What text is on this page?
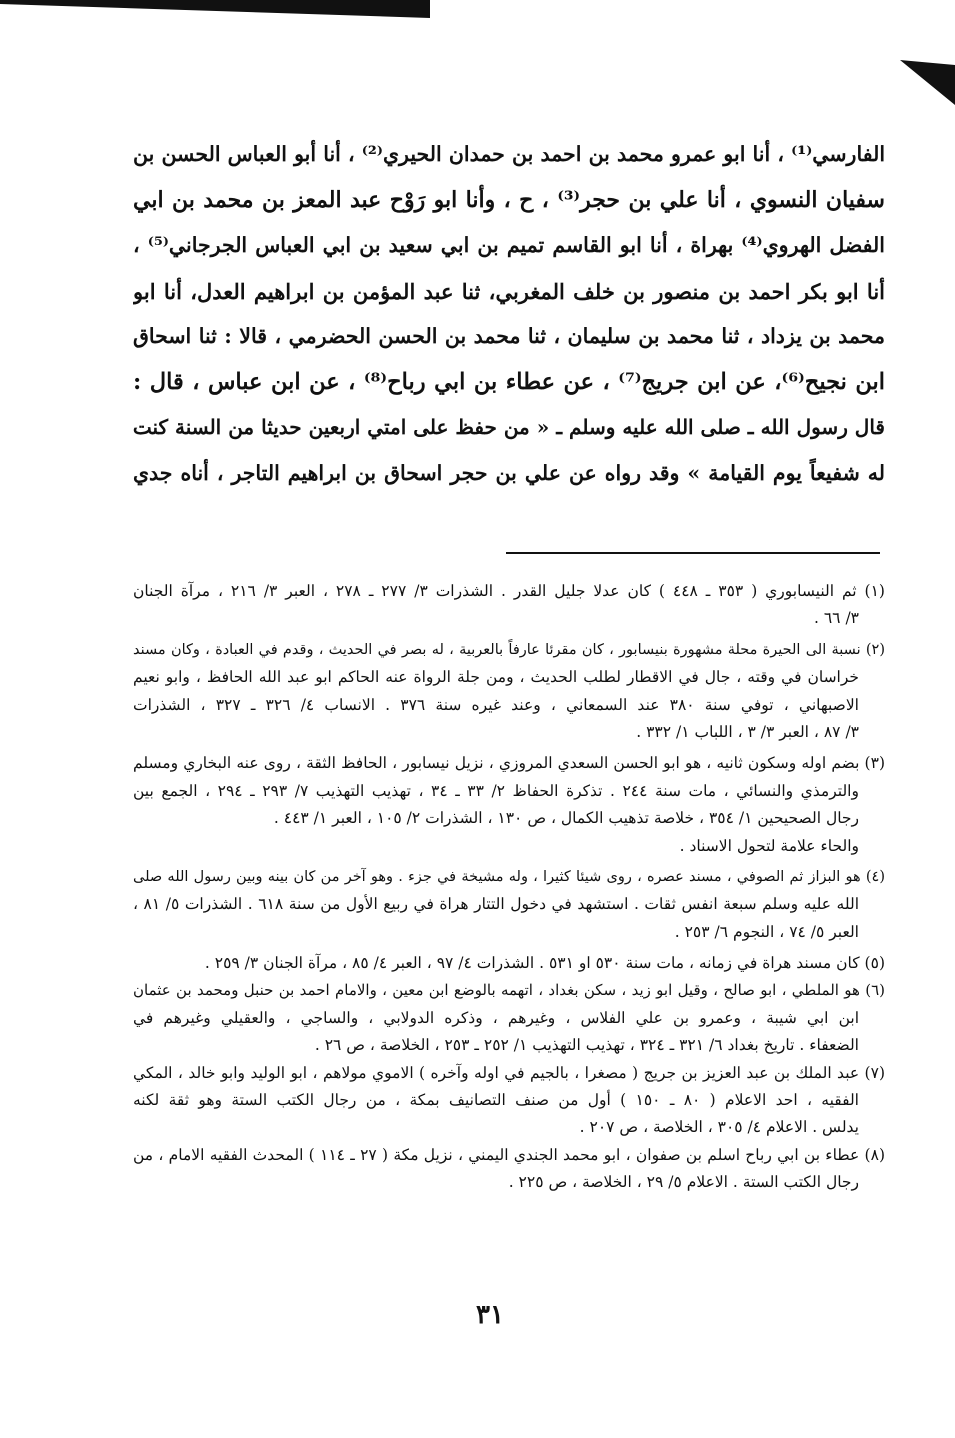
الفارسي⁽¹⁾ ، أنا ابو عمرو محمد بن احمد بن حمدان الحيري⁽²⁾ ، أنا أبو العباس الحسن بن
سفيان النسوي ، أنا علي بن حجر⁽³⁾ ، ح ، وأنا ابو رَوْح عبد المعز بن محمد بن ابي
الفضل الهروي⁽⁴⁾ بهراة ، أنا ابو القاسم تميم بن ابي سعيد بن ابي العباس الجرجاني⁽⁵⁾ ،
أنا ابو بكر احمد بن منصور بن خلف المغربي، ثنا عبد المؤمن بن ابراهيم العدل، أنا ابو
محمد بن يزداد ، ثنا محمد بن سليمان ، ثنا محمد بن الحسن الحضرمي ، قالا : ثنا اسحاق
ابن نجيح⁽⁶⁾، عن ابن جريج⁽⁷⁾ ، عن عطاء بن ابي رباح⁽⁸⁾ ، عن ابن عباس ، قال :
قال رسول الله ـ صلى الله عليه وسلم ـ « من حفظ على امتي اربعين حديثا من السنة كنت
له شفيعاً يوم القيامة » وقد رواه عن علي بن حجر اسحاق بن ابراهيم التاجر ، أناه جدي
(١) ثم النيسابوري ( ٣٥٣ ـ ٤٤٨ ) كان عدلا جليل القدر . الشذرات ٣/ ٢٧٧ ـ ٢٧٨ ، العبر ٣/ ٢١٦ ، مرآة الجنان
٣/ ٦٦ .
(٢) نسبة الى الحيرة محلة مشهورة بنيسابور ، كان مقرئا عارفاً بالعربية ، له بصر في الحديث ، وقدم في العبادة ، وكان مسند
خراسان في وقته ، جال في الاقطار لطلب الحديث ، ومن جلة الرواة عنه الحاكم ابو عبد الله الحافظ ، وابو نعيم
الاصبهاني ، توفي سنة ٣٨٠ عند السمعاني ، وعند غيره سنة ٣٧٦ . الانساب ٤/ ٣٢٦ ـ ٣٢٧ ، الشذرات
٣/ ٨٧ ، العبر ٣/ ٣ ، اللباب ١/ ٣٣٢ .
(٣) بضم اوله وسكون ثانيه ، هو ابو الحسن السعدي المروزي ، نزيل نيسابور ، الحافظ الثقة ، روى عنه البخاري ومسلم
والترمذي والنسائي ، مات سنة ٢٤٤ . تذكرة الحفاظ ٢/ ٣٣ ـ ٣٤ ، تهذيب التهذيب ٧/ ٢٩٣ ـ ٢٩٤ ، الجمع بين
رجال الصحيحين ١/ ٣٥٤ ، خلاصة تذهيب الكمال ، ص ١٣٠ ، الشذرات ٢/ ١٠٥ ، العبر ١/ ٤٤٣ .
والحاء علامة لتحول الاسناد .
(٤) هو البزاز ثم الصوفي ، مسند عصره ، روى شيئا كثيرا ، وله مشيخة في جزء . وهو آخر من كان بينه وبين رسول الله صلى
الله عليه وسلم سبعة انفس ثقات . استشهد في دخول التتار هراة في ربيع الأول من سنة ٦١٨ . الشذرات ٥/ ٨١ ،
العبر ٥/ ٧٤ ، النجوم ٦/ ٢٥٣ .
(٥) كان مسند هراة في زمانه ، مات سنة ٥٣٠ او ٥٣١ . الشذرات ٤/ ٩٧ ، العبر ٤/ ٨٥ ، مرآة الجنان ٣/ ٢٥٩ .
(٦) هو الملطي ، ابو صالح ، وقيل ابو زيد ، سكن بغداد ، اتهمه بالوضع ابن معين ، والامام احمد بن حنبل ومحمد بن عثمان
ابن ابي شيبة ، وعمرو بن علي الفلاس ، وغيرهم ، وذكره الدولابي ، والساجي ، والعقيلي وغيرهم في
الضعفاء . تاريخ بغداد ٦/ ٣٢١ ـ ٣٢٤ ، تهذيب التهذيب ١/ ٢٥٢ ـ ٢٥٣ ، الخلاصة ، ص ٢٦ .
(٧) عبد الملك بن عبد العزيز بن جريج ( مصغرا ، بالجيم في اوله وآخره ) الاموي مولاهم ، ابو الوليد وابو خالد ، المكي
الفقيه ، احد الاعلام ( ٨٠ ـ ١٥٠ ) أول من صنف التصانيف بمكة ، من رجال الكتب الستة وهو ثقة لكنه
يدلس . الاعلام ٤/ ٣٠٥ ، الخلاصة ، ص ٢٠٧ .
(٨) عطاء بن ابي رباح اسلم بن صفوان ، ابو محمد الجندي اليمني ، نزيل مكة ( ٢٧ ـ ١١٤ ) المحدث الفقيه الامام ، من
رجال الكتب الستة . الاعلام ٥/ ٢٩ ، الخلاصة ، ص ٢٢٥ .
٣١
